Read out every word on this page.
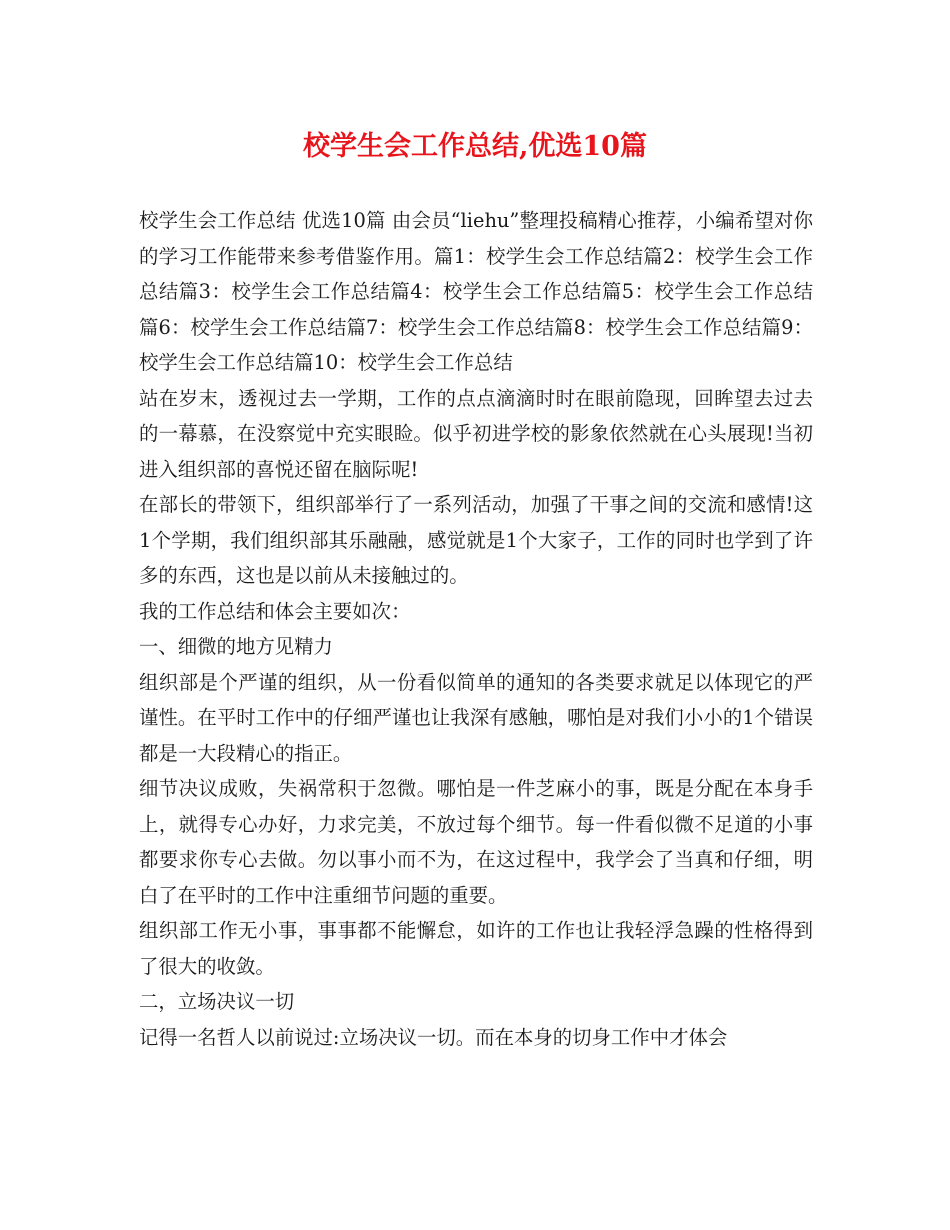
校学生会工作总结,优选10篇

校学生会工作总结 优选10篇 由会员“liehu”整理投稿精心推荐，小编希望对你的学习工作能带来参考借鉴作用。篇1：校学生会工作总结篇2：校学生会工作总结篇3：校学生会工作总结篇4：校学生会工作总结篇5：校学生会工作总结篇6：校学生会工作总结篇7：校学生会工作总结篇8：校学生会工作总结篇9：校学生会工作总结篇10：校学生会工作总结

站在岁末，透视过去一学期，工作的点点滴滴时时在眼前隐现，回眸望去过去的一幕慕，在没察觉中充实眼睑。似乎初进学校的影象依然就在心头展现!当初进入组织部的喜悦还留在脑际呢!

在部长的带领下，组织部举行了一系列活动，加强了干事之间的交流和感情!这1个学期，我们组织部其乐融融，感觉就是1个大家子，工作的同时也学到了许多的东西，这也是以前从未接触过的。

我的工作总结和体会主要如次：

一、细微的地方见精力

组织部是个严谨的组织，从一份看似简单的通知的各类要求就足以体现它的严谨性。在平时工作中的仔细严谨也让我深有感触，哪怕是对我们小小的1个错误都是一大段精心的指正。

细节决议成败，失祸常积于忽微。哪怕是一件芝麻小的事，既是分配在本身手上，就得专心办好，力求完美，不放过每个细节。每一件看似微不足道的小事都要求你专心去做。勿以事小而不为，在这过程中，我学会了当真和仔细，明白了在平时的工作中注重细节问题的重要。

组织部工作无小事，事事都不能懈怠，如许的工作也让我轻浮急躁的性格得到了很大的收敛。

二，立场决议一切

记得一名哲人以前说过:立场决议一切。而在本身的切身工作中才体会
